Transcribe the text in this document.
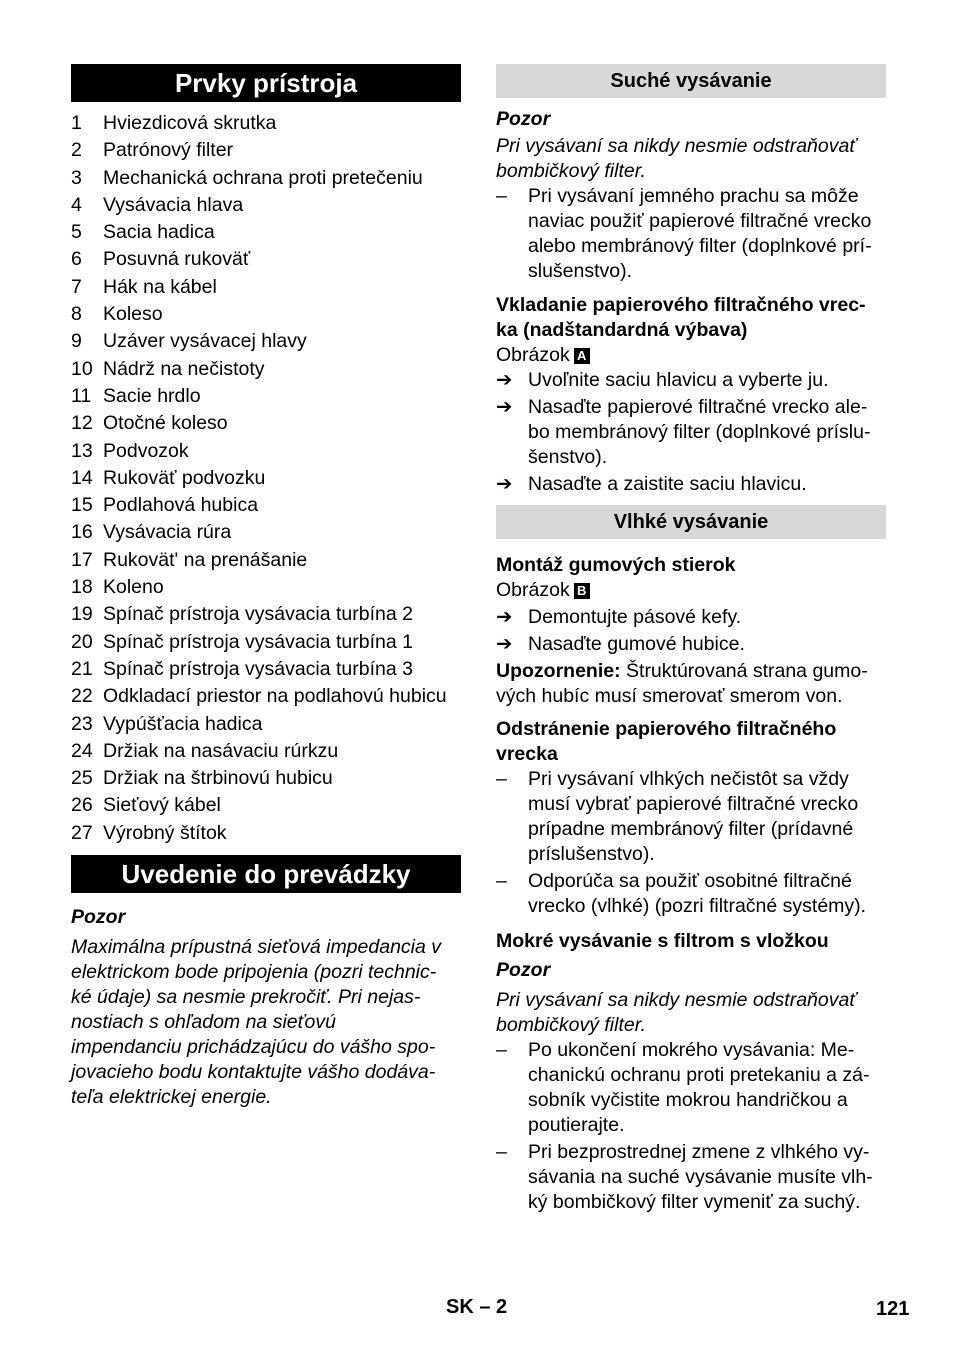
Prvky prístroja
1 Hviezdicová skrutka
2 Patrónový filter
3 Mechanická ochrana proti pretečeniu
4 Vysávacia hlava
5 Sacia hadica
6 Posuvná rukoväť
7 Hák na kábel
8 Koleso
9 Uzáver vysávacej hlavy
10 Nádrž na nečistoty
11 Sacie hrdlo
12 Otočné koleso
13 Podvozok
14 Rukoväť podvozku
15 Podlahová hubica
16 Vysávacia rúra
17 Rukovät' na prenášanie
18 Koleno
19 Spínač prístroja vysávacia turbína 2
20 Spínač prístroja vysávacia turbína 1
21 Spínač prístroja vysávacia turbína 3
22 Odkladací priestor na podlahovú hubicu
23 Vypúšťacia hadica
24 Držiak na nasávaciu rúrkzu
25 Držiak na štrbinovú hubicu
26 Sieťový kábel
27 Výrobný štítok
Uvedenie do prevádzky

Pozor

Maximálna prípustná sieťová impedancia v
elektrickom bode pripojenia (pozri technic-
ké údaje) sa nesmie prekročiť. Pri nejas-
nostiach s ohľadom na sieťovú
impendanciu prichádzajúcu do vášho spo-
jovacieho bodu kontaktujte vášho dodáva-
teľa elektrickej energie.
Suché vysávanie

Pozor

Pri vysávaní sa nikdy nesmie odstraňovať
bombičkový filter.
–	Pri vysávaní jemného prachu sa môže
naviac použiť papierové filtračné vrecko
alebo membránový filter (doplnkové prí-
slušenstvo).
Vkladanie papierového filtračného vrec-
ka (nadštandardná výbava)
Obrázok A
➔ Uvoľnite saciu hlavicu a vyberte ju.
➔ Nasaďte papierové filtračné vrecko ale-
bo membránový filter (doplnkové príslu-
šenstvo).
➔ Nasaďte a zaistite saciu hlavicu.
Vlhké vysávanie

Montáž gumových stierok

Obrázok B
➔ Demontujte pásové kefy.
➔ Nasaďte gumové hubice.
Upozornenie: Štruktúrovaná strana gumo-
vých hubíc musí smerovať smerom von.
Odstránenie papierového filtračného
vrecka
–	Pri vysávaní vlhkých nečistôt sa vždy
musí vybrať papierové filtračné vrecko
prípadne membránový filter (prídavné
príslušenstvo).
–	Odporúča sa použiť osobitné filtračné
vrecko (vlhké) (pozri filtračné systémy).

Mokré vysávanie s filtrom s vložkou

Pozor

Pri vysávaní sa nikdy nesmie odstraňovať
bombičkový filter.
–	Po ukončení mokrého vysávania: Me-
chanickú ochranu proti pretekaniu a zá-
sobník vyčistite mokrou handričkou a
poutierajte.
–	Pri bezprostrednej zmene z vlhkého vy-
sávania na suché vysávanie musíte vlh-
ký bombičkový filter vymeniť za suchý.
SK – 2	121
